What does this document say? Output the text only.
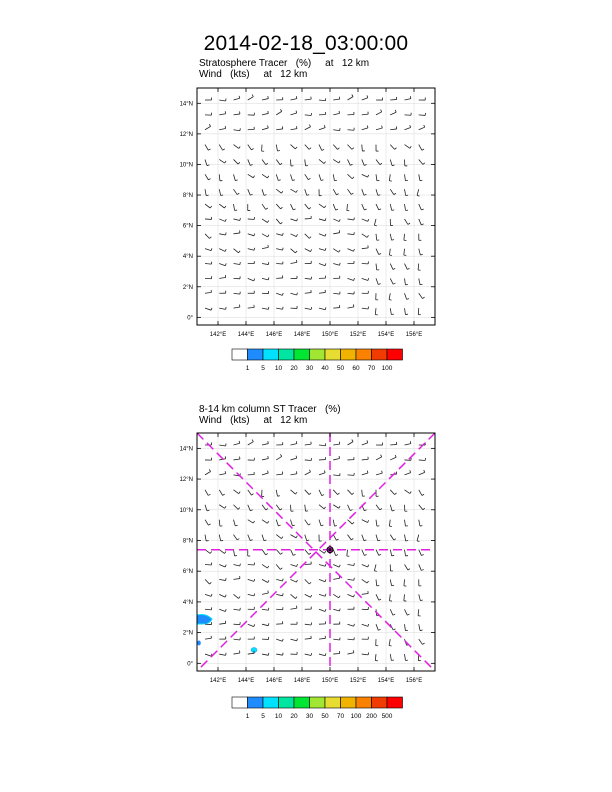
2014-02-18_03:00:00
Stratosphere Tracer   (%)     at   12 km
Wind   (kts)     at   12 km
8-14 km column ST Tracer   (%)
Wind   (kts)     at   12 km
142°E 144°E 146°E 148°E 150°E 152°E 154°E 156°E
14°N
12°N
10°N
8°N
6°N
4°N
2°N
0°
1 5 10 20 30 40 50 60 70 100
142°E 144°E 146°E 148°E 150°E 152°E 154°E 156°E
14°N
12°N
10°N
8°N
6°N
4°N
2°N
0°
1 5 10 20 30 50 70 100 200 500
